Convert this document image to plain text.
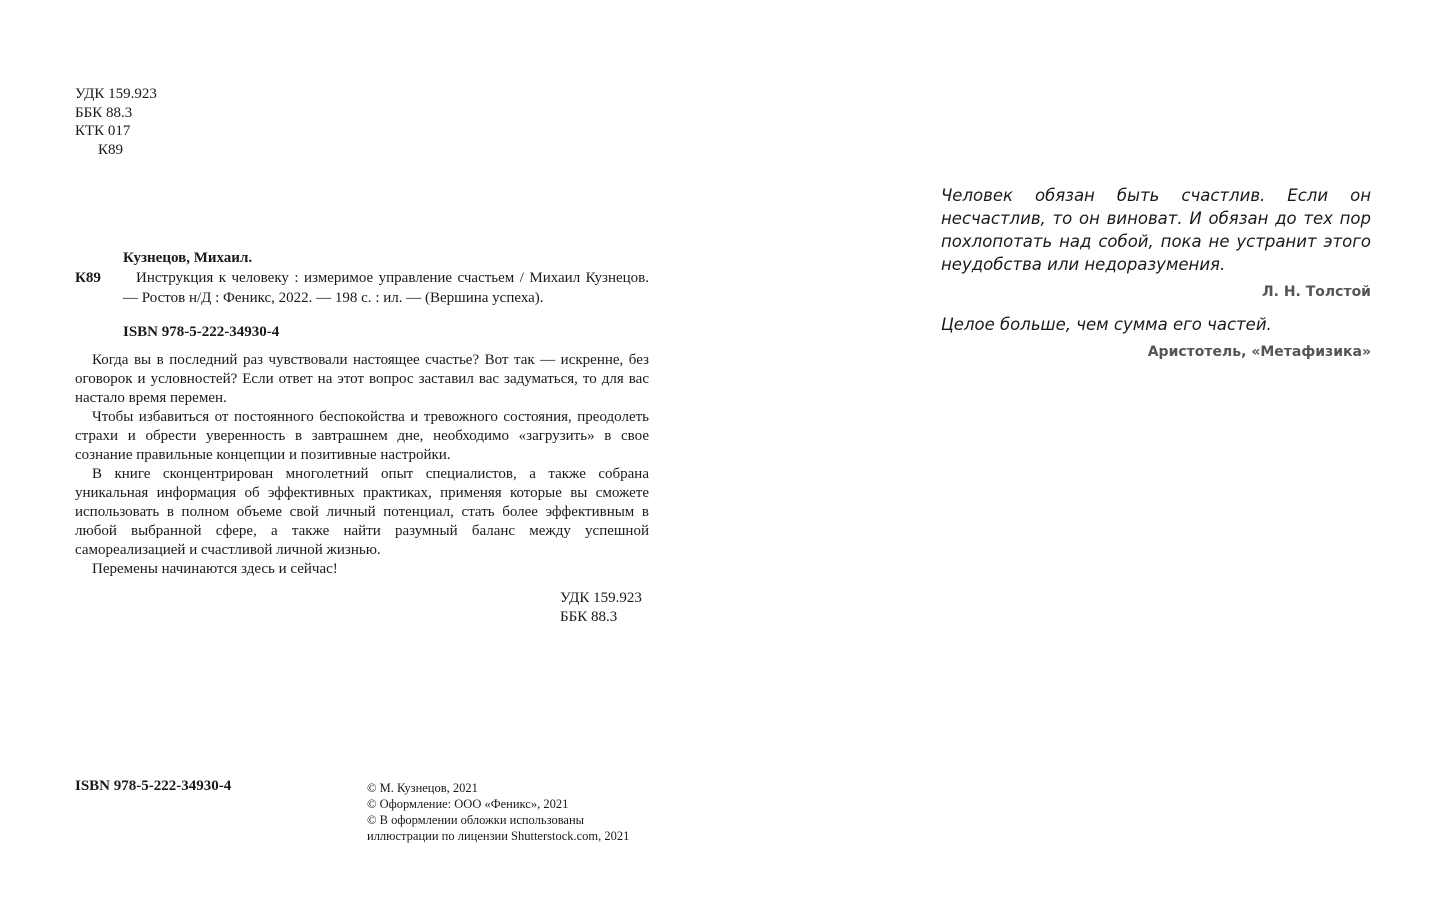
УДК 159.923
ББК 88.3
КТК 017
К89
К89
Кузнецов, Михаил.

Инструкция к человеку : измеримое управление счастьем / Михаил Кузнецов. — Ростов н/Д : Феникс, 2022. — 198 с. : ил. — (Вершина успеха).

ISBN 978-5-222-34930-4

Когда вы в последний раз чувствовали настоящее счастье? Вот так — искренне, без оговорок и условностей? Если ответ на этот вопрос заставил вас задуматься, то для вас настало время перемен.

Чтобы избавиться от постоянного беспокойства и тревожного состояния, преодолеть страхи и обрести уверенность в завтрашнем дне, необходимо «загрузить» в свое сознание правильные концепции и позитивные настройки.

В книге сконцентрирован многолетний опыт специалистов, а также собрана уникальная информация об эффективных практиках, применяя которые вы сможете использовать в полном объеме свой личный потенциал, стать более эффективным в любой выбранной сфере, а также найти разумный баланс между успешной самореализацией и счастливой личной жизнью.

Перемены начинаются здесь и сейчас!

УДК 159.923
ББК 88.3
ISBN 978-5-222-34930-4	© М. Кузнецов, 2021
© Оформление: ООО «Феникс», 2021
© В оформлении обложки использованы
иллюстрации по лицензии Shutterstock.com, 2021

Человек обязан быть счастлив. Если он несчастлив, то он виноват. И обязан до тех пор похлопотать над собой, пока не устранит этого неудобства или недоразумения.

Л. Н. Толстой

Целое больше, чем сумма его частей.

Аристотель, «Метафизика»
